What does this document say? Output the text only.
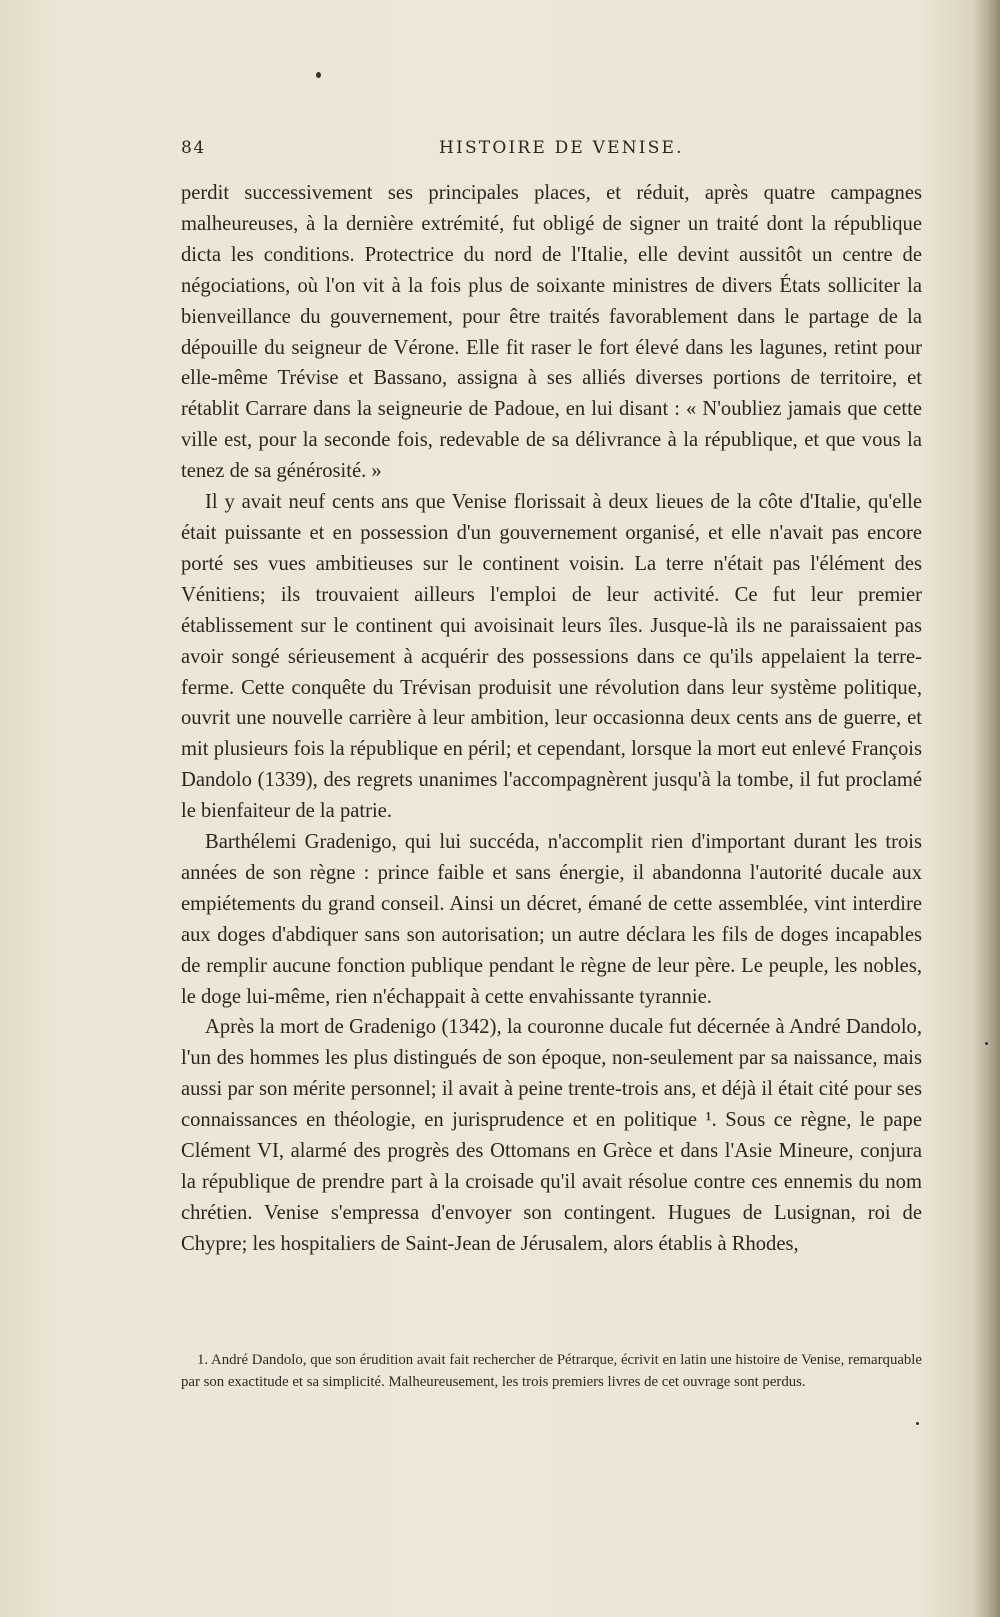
84	HISTOIRE DE VENISE.

perdit successivement ses principales places, et réduit, après quatre campagnes malheureuses, à la dernière extrémité, fut obligé de signer un traité dont la république dicta les conditions. Protectrice du nord de l'Italie, elle devint aussitôt un centre de négociations, où l'on vit à la fois plus de soixante ministres de divers États solliciter la bienveillance du gouvernement, pour être traités favorablement dans le partage de la dépouille du seigneur de Vérone. Elle fit raser le fort élevé dans les lagunes, retint pour elle-même Trévise et Bassano, assigna à ses alliés diverses portions de territoire, et rétablit Carrare dans la seigneurie de Padoue, en lui disant : « N'oubliez jamais que cette ville est, pour la seconde fois, redevable de sa délivrance à la république, et que vous la tenez de sa générosité. »

Il y avait neuf cents ans que Venise florissait à deux lieues de la côte d'Italie, qu'elle était puissante et en possession d'un gouvernement organisé, et elle n'avait pas encore porté ses vues ambitieuses sur le continent voisin. La terre n'était pas l'élément des Vénitiens; ils trouvaient ailleurs l'emploi de leur activité. Ce fut leur premier établissement sur le continent qui avoisinait leurs îles. Jusque-là ils ne paraissaient pas avoir songé sérieusement à acquérir des possessions dans ce qu'ils appelaient la terre-ferme. Cette conquête du Trévisan produisit une révolution dans leur système politique, ouvrit une nouvelle carrière à leur ambition, leur occasionna deux cents ans de guerre, et mit plusieurs fois la république en péril; et cependant, lorsque la mort eut enlevé François Dandolo (1339), des regrets unanimes l'accompagnèrent jusqu'à la tombe, il fut proclamé le bienfaiteur de la patrie.

Barthélemi Gradenigo, qui lui succéda, n'accomplit rien d'important durant les trois années de son règne : prince faible et sans énergie, il abandonna l'autorité ducale aux empiétements du grand conseil. Ainsi un décret, émané de cette assemblée, vint interdire aux doges d'abdiquer sans son autorisation; un autre déclara les fils de doges incapables de remplir aucune fonction publique pendant le règne de leur père. Le peuple, les nobles, le doge lui-même, rien n'échappait à cette envahissante tyrannie.

Après la mort de Gradenigo (1342), la couronne ducale fut décernée à André Dandolo, l'un des hommes les plus distingués de son époque, non-seulement par sa naissance, mais aussi par son mérite personnel; il avait à peine trente-trois ans, et déjà il était cité pour ses connaissances en théologie, en jurisprudence et en politique ¹. Sous ce règne, le pape Clément VI, alarmé des progrès des Ottomans en Grèce et dans l'Asie Mineure, conjura la république de prendre part à la croisade qu'il avait résolue contre ces ennemis du nom chrétien. Venise s'empressa d'envoyer son contingent. Hugues de Lusignan, roi de Chypre; les hospitaliers de Saint-Jean de Jérusalem, alors établis à Rhodes,

1. André Dandolo, que son érudition avait fait rechercher de Pétrarque, écrivit en latin une histoire de Venise, remarquable par son exactitude et sa simplicité. Malheureusement, les trois premiers livres de cet ouvrage sont perdus.
